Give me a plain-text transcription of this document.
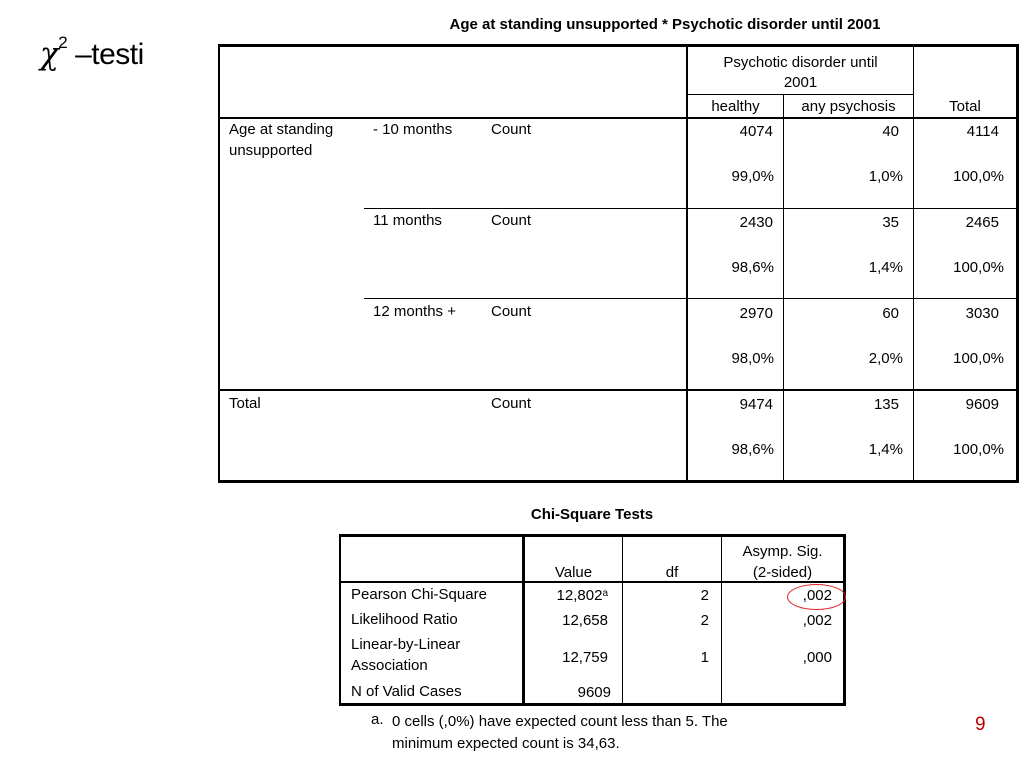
$\chi^2$ –testi
Age at standing unsupported * Psychotic disorder until 2001
Psychotic disorder until
2001
healthy	any psychosis	Total
Age at standing
unsupported
- 10 months	Count	4074	40	4114
99,0%	1,0%	100,0%
11 months	Count	2430	35	2465
98,6%	1,4%	100,0%
12 months + Count	2970	60	3030
98,0%	2,0%	100,0%
Total	Count	9474	135	9609
98,6%	1,4%	100,0%
Chi-Square Tests
Value	df
Asymp. Sig.
(2-sided)
Pearson Chi-Square	12,802$^a$	2	,002
Likelihood Ratio	12,658	2	,002
Linear-by-Linear
Association	12,759	1	,000
N of Valid Cases	9609
a. 0 cells (,0%) have expected count less than 5. The
minimum expected count is 34,63.
9
